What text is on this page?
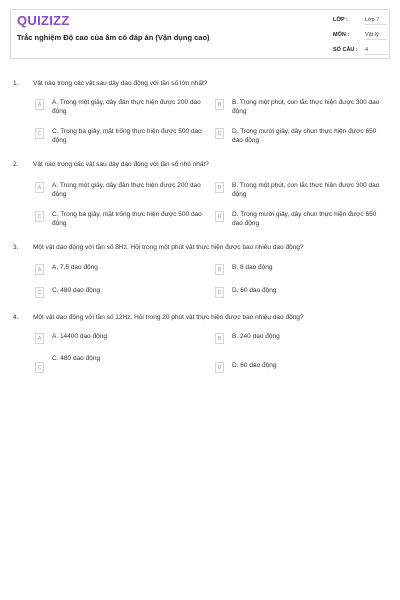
QUIZIZZ
Trắc nghiệm Độ cao của âm có đáp án (Vận dụng cao)
LỚP :	Lớp 7
MÔN :	Vật lý
SỐ CÂU : 4
1. Vật nào trong các vật sau dây dao động với tần số lớn nhất?
A	A. Trong một giây, dây đàn thực hiện được 200 dao động
B	B. Trong một phút, con lắc thực hiện được 300 dao động
C	C. Trong ba giây, mặt trống thực hiện được 500 dao động
D	D. Trong mười giây, dây chun thực hiện được 650 dao động
2. Vật nào trong các vật sau dây dao động với tần số nhỏ nhất?
A	A. Trong một giây, dây đàn thực hiện được 200 dao động
B	B. Trong một phút, con lắc thực hiện được 300 dao động
C	C. Trong ba giây, mặt trống thực hiện được 500 dao động
D	D. Trong mười giây, dây chun thực hiện được 650 dao động
3. Một vật dao động với tần số 8Hz. Hỏi trong một phút vật thực hiện được bao nhiêu dao động?
A	A. 7,5 dao động	B	B. 8 dao động
C	C. 480 dao động	D	D. 60 dao động
4. Một vật dao động với tần số 12Hz. Hỏi trong 20 phút vật thực hiện được bao nhiêu dao động?
A	A. 14400 dao động	B	B. 240 dao động
C
C. 480 dao động
D	D. 60 dao động
